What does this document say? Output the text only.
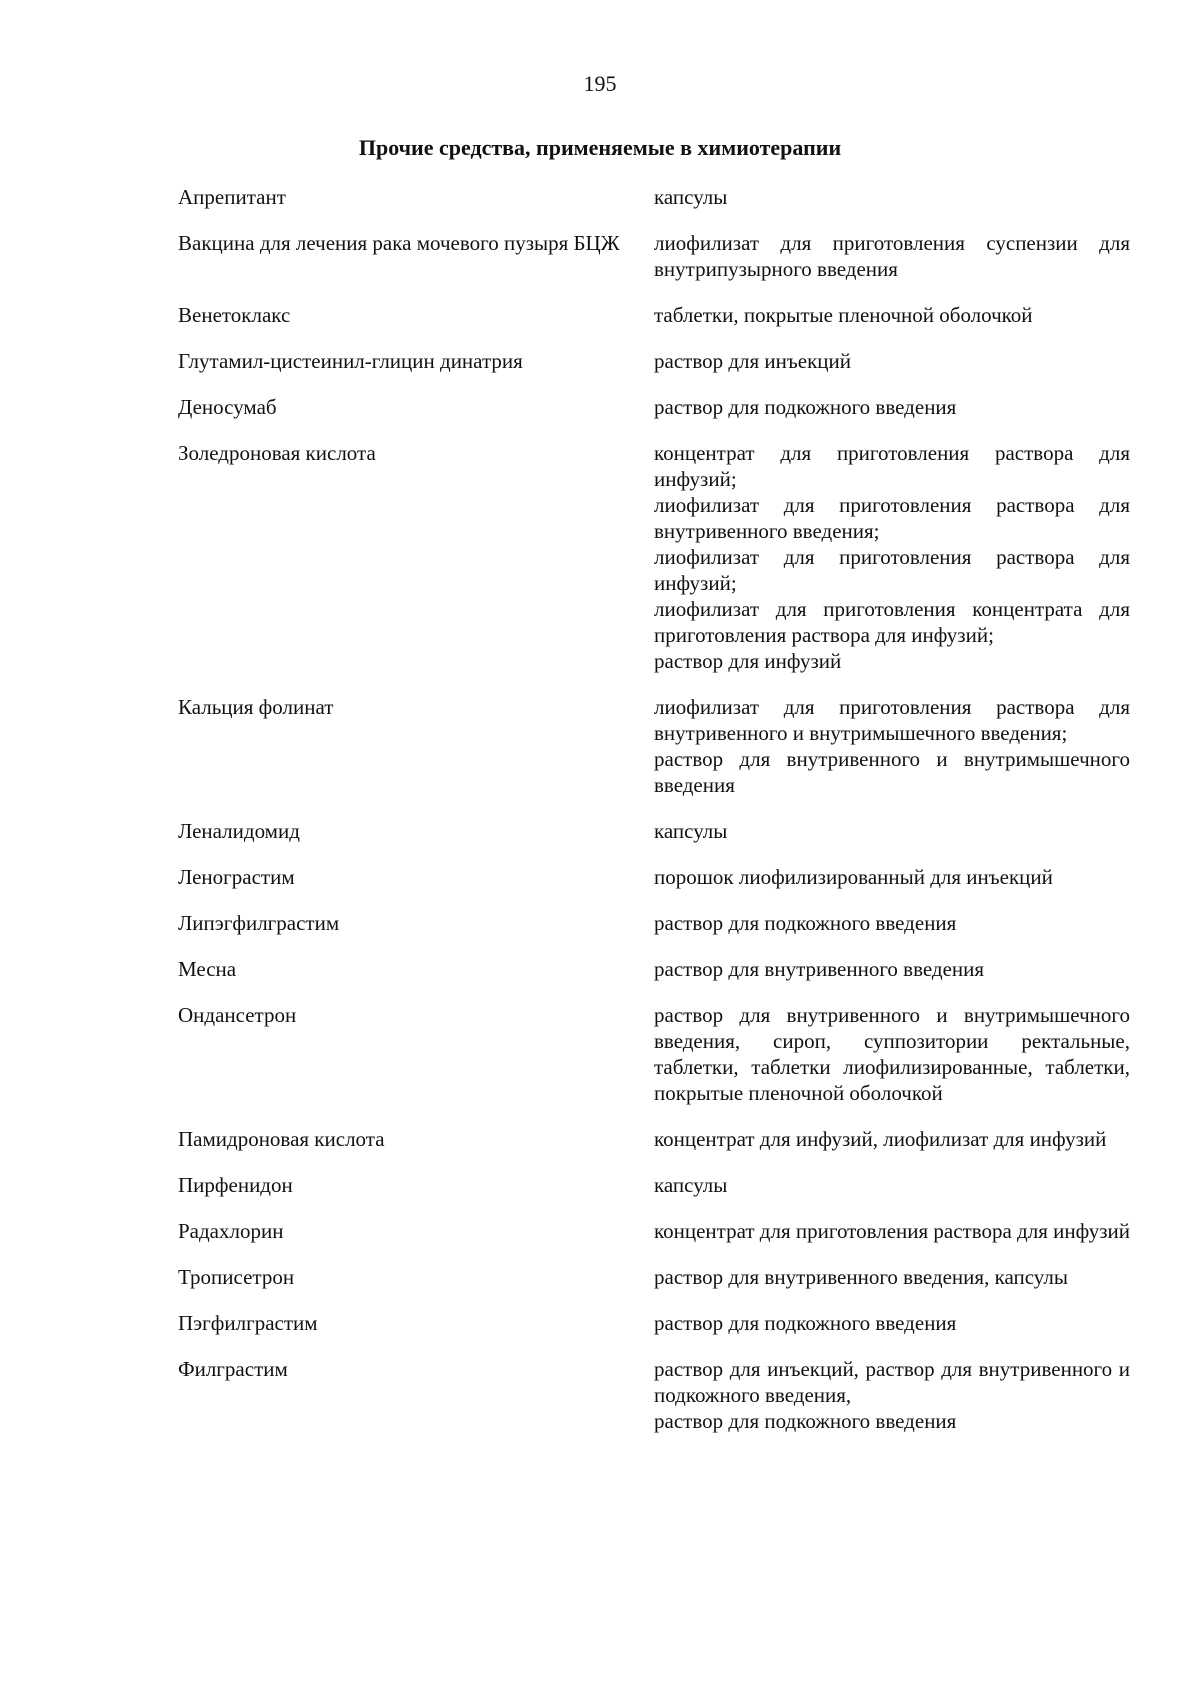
195
Прочие средства, применяемые в химиотерапии
Апрепитант	капсулы
Вакцина для лечения рака мочевого пузыря БЦЖ	лиофилизат для приготовления суспензии для внутрипузырного введения
Венетоклакс	таблетки, покрытые пленочной оболочкой
Глутамил-цистеинил-глицин динатрия	раствор для инъекций
Деносумаб	раствор для подкожного введения
Золедроновая кислота	концентрат для приготовления раствора для инфузий;
лиофилизат для приготовления раствора для внутривенного введения;
лиофилизат для приготовления раствора для инфузий;
лиофилизат для приготовления концентрата для приготовления раствора для инфузий;
раствор для инфузий
Кальция фолинат	лиофилизат для приготовления раствора для внутривенного и внутримышечного введения;
раствор для внутривенного и внутримышечного введения
Леналидомид	капсулы
Ленограстим	порошок лиофилизированный для инъекций
Липэгфилграстим	раствор для подкожного введения
Месна	раствор для внутривенного введения
Ондансетрон	раствор для внутривенного и внутримышечного введения, сироп, суппозитории ректальные, таблетки, таблетки лиофилизированные, таблетки, покрытые пленочной оболочкой
Памидроновая кислота	концентрат для инфузий, лиофилизат для инфузий
Пирфенидон	капсулы
Радахлорин	концентрат для приготовления раствора для инфузий
Трописетрон	раствор для внутривенного введения, капсулы
Пэгфилграстим	раствор для подкожного введения
Филграстим	раствор для инъекций, раствор для внутривенного и подкожного введения,
раствор для подкожного введения
